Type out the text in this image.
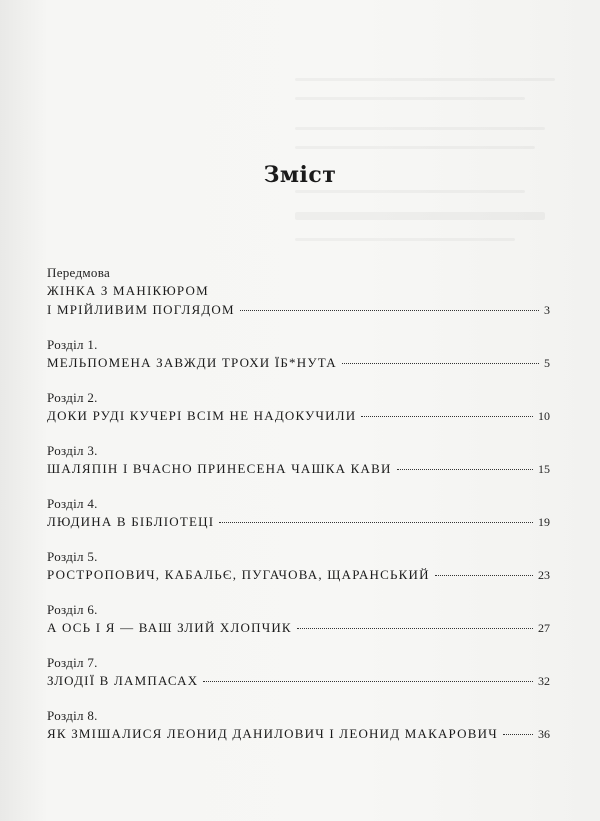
Зміст
Передмова
ЖІНКА З МАНІКЮРОМ
І МРІЙЛИВИМ ПОГЛЯДОМ	3
Розділ 1.
МЕЛЬПОМЕНА ЗАВЖДИ ТРОХИ ЇБ*НУТА	5
Розділ 2.
ДОКИ РУДІ КУЧЕРІ ВСІМ НЕ НАДОКУЧИЛИ	10
Розділ 3.
ШАЛЯПІН І ВЧАСНО ПРИНЕСЕНА ЧАШКА КАВИ	15
Розділ 4.
ЛЮДИНА В БІБЛІОТЕЦІ	19
Розділ 5.
РОСТРОПОВИЧ, КАБАЛЬЄ, ПУГАЧОВА, ЩАРАНСЬКИЙ	23
Розділ 6.
А ОСЬ І Я — ВАШ ЗЛИЙ ХЛОПЧИК	27
Розділ 7.
ЗЛОДІЇ В ЛАМПАСАХ	32
Розділ 8.
ЯК ЗМІШАЛИСЯ ЛЕОНИД ДАНИЛОВИЧ І ЛЕОНИД МАКАРОВИЧ	36
